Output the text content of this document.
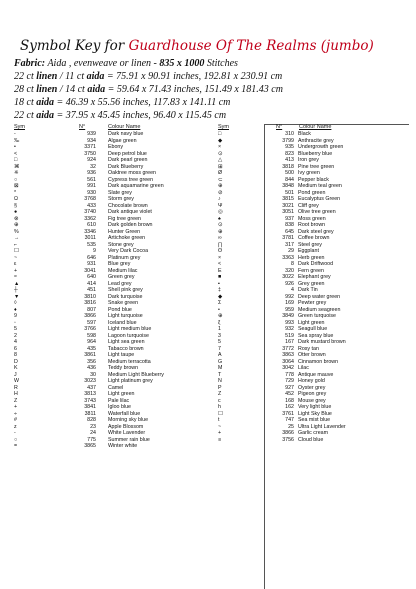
Symbol Key for Guardhouse Of The Realms (jumbo)
Fabric: Aida , evenweave or linen - 835 x 1000 Stitches
22 ct linen / 11 ct aida = 75.91 x 90.91 inches, 192.81 x 230.91 cm
28 ct linen / 14 ct aida = 59.64 x 71.43 inches, 151.49 x 181.43 cm
18 ct aida = 46.39 x 55.56 inches, 117.83 x 141.11 cm
22 ct aida = 37.95 x 45.45 inches, 96.40 x 115.45 cm
Sym	N°	Colour Name	Sym	N°	Colour Name
-	939 Dark navy blue
‰	934 Algae green
•	3371 Ebony
<	3750 Deep petrol blue
□	924 Dark pearl green
⌘	32 Dark Blueberry
※	936 Oaktree moss green
○	561 Cypress tree green
⊠	991 Dark aquamarine green
*	930 Slate grey
Ω	3768 Storm grey
§	433 Chocolate brown
●	3740 Dark antique violet
⊗	3362 Fig tree green
⊕	610 Dark golden brown
%	3346 Hunter Green
→	3011 Artichoke green
⌐	535 Stone grey
☐	9 Very Dark Cocoa
~	646 Platinum grey
ε	931 Blue grey
+	3041 Medium lilac
≈	640 Green grey
▲	414 Lead grey
┼	451 Shell pink grey
▼	3810 Dark turquoise
◊	3816 Snake green
♦	807 Pond blue
9	3866 Light turquoise
◦	597 Iceland blue
5	3766 Light medium blue
2	598 Lagoon turquoise
4	964 Light sea green
6	435 Tabacco brown
8	3861 Light taupe
D	356 Medium terracotta
K	436 Teddy brown
J	30 Medium Light Blueberry
W	3023 Light platinum grey
R	437 Camel
H	3813 Light green
Z	3743 Pale lilac
+	3841 Igloo blue
÷	3811 Waterfall blue
#	828 Morning sky blue
z	23 Apple Blossom
-	24 White Lavender
○	775 Summer rain blue
=	3865 Winter white
□	310 Black
◆	3799 Anthracite grey
×	935 Undergrowth green
⊙	823 Blueberry blue
△	413 Iron grey
⊞	3818 Pine tree green
Ø	500 Ivy green
⊂	844 Pepper black
⊕	3848 Medium teal green
⊘	501 Pond green
♪	3815 Eucalyptus Green
Ψ	3021 Cliff grey
◎	3051 Olive tree green
♠	937 Moss green
⊙	838 Root brown
⊕	645 Dark steel grey
∞	3781 Coffee brown
∏	317 Steel grey
ʘ	29 Eggplant
×	3363 Herb green
<	8 Dark Driftwood
E	320 Fern green
■	3022 Elephant grey
▪	926 Grey green
‡	4 Dark Tin
◆	992 Deep water green
Σ	169 Pewter grey
•	959 Medium seagreen
⊕	3849 Green turquoise
ξ	993 Light green
1	932 Seagull blue
3	519 Sea spray blue
5	167 Dark mustard brown
7	3772 Rosy tan
A	3863 Otter brown
G	3064 Cinnamon brown
M	3042 Lilac
T	778 Antique mauve
N	729 Honey gold
P	927 Oyster grey
Z	452 Pigeon grey
c	168 Mouse grey
h	162 Very light blue
☐	3761 Light Sky Blue
t	747 Sea mist blue
~	25 Ultra Light Lavender
+	3866 Garlic cream
≡	3756 Cloud blue
